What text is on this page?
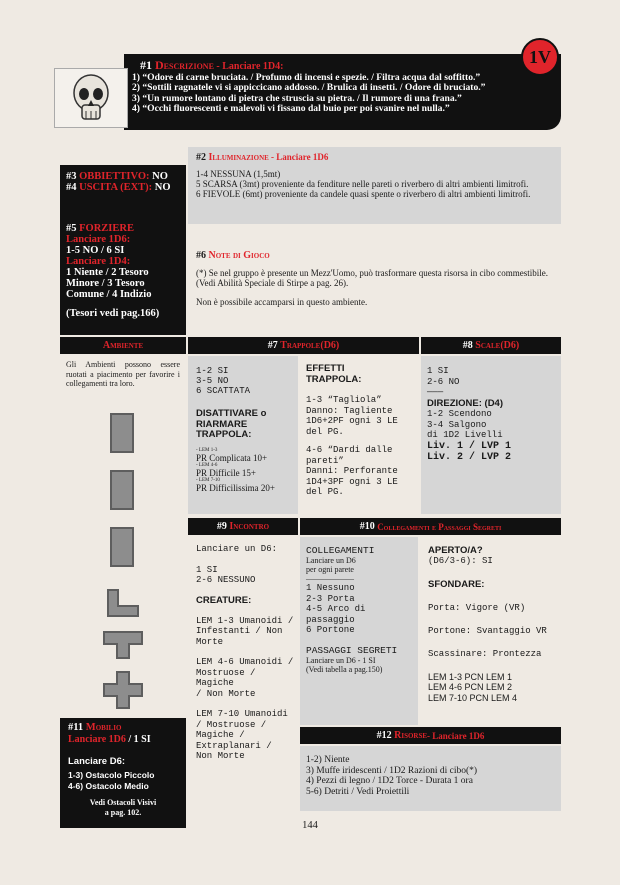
#1 Descrizione - Lanciare 1D4:
1) “Odore di carne bruciata. / Profumo di incensi e spezie. / Filtra acqua dal soffitto.”
2) “Sottili ragnatele vi si appiccicano addosso. / Brulica di insetti. / Odore di bruciato.”
3) “Un rumore lontano di pietra che struscia su pietra. / Il rumore di una frana.”
4) “Occhi fluorescenti e malevoli vi fissano dal buio per poi svanire nel nulla.”
1V
#3 OBBIETTIVO: NO
#4 USCITA (EXT): NO
#5 FORZIERE
Lanciare 1D6:
1-5 NO / 6 SI
Lanciare 1D4:
1 Niente / 2 Tesoro
Minore / 3 Tesoro
Comune / 4 Indizio
(Tesori vedi pag.166)
#2 Illuminazione - Lanciare 1D6
1-4 NESSUNA (1,5mt)
5 SCARSA (3mt) proveniente da fenditure nelle pareti o riverbero di altri ambienti limitrofi.
6 FIEVOLE (6mt) proveniente da candele quasi spente o riverbero di altri ambienti limitrofi.
#6 Note di Gioco
(*) Se nel gruppo è presente un Mezz'Uomo, può trasformare questa risorsa in cibo commestibile. (Vedi Abilità Speciale di Stirpe a pag. 26).
Non è possibile accamparsi in questo ambiente.
Ambiente	#7
Trappole (D6)	#8
Scale (D6)
Gli Ambienti possono essere ruotati a piacimento per favorire i collegamenti tra loro.
1-2 SI
3-5 NO
6 SCATTATA
DISATTIVARE o
RIARMARE
TRAPPOLA:
- LEM 1-3
PR Complicata 10+
- LEM 4-6
PR Difficile 15+
- LEM 7-10
PR Difficilissima 20+
EFFETTI
TRAPPOLA:
1-3 “Tagliola”
Danno: Tagliente
1D6+2PF ogni 3 LE
del PG.
4-6 “Dardi dalle
pareti”
Danni: Perforante
1D4+3PF ogni 3 LE
del PG.
1 SI
2-6 NO
———
DIREZIONE: (D4)
1-2 Scendono
3-4 Salgono
di 1D2 Livelli
Liv. 1 / LVP 1
Liv. 2 / LVP 2
#9
Incontro	#10
Collegamenti e Passaggi Segreti
Lanciare un D6:
1 SI
2-6 NESSUNO
CREATURE:
LEM 1-3 Umanoidi /
Infestanti / Non
Morte
LEM 4-6 Umanoidi /
Mostruose / Magiche
/ Non Morte
LEM 7-10 Umanoidi
/ Mostruose /
Magiche /
Extraplanari /
Non Morte
COLLEGAMENTI
Lanciare un D6
per ogni parete
——————
1 Nessuno
2-3 Porta
4-5 Arco di passaggio
6 Portone
PASSAGGI SEGRETI
Lanciare un D6 - 1 SI
(Vedi tabella a pag.150)
APERTO/A?
(D6/3-6): SI
SFONDARE:
Porta: Vigore (VR)
Portone: Svantaggio VR
Scassinare: Prontezza
LEM 1-3 PCN LEM 1
LEM 4-6 PCN LEM 2
LEM 7-10 PCN LEM 4
#11 Mobilio
Lanciare 1D6 / 1 SI
Lanciare D6:
1-3) Ostacolo Piccolo
4-6) Ostacolo Medio
Vedi Ostacoli Visivi
a pag. 102.
#12
Risorse - Lanciare 1D6
1-2) Niente
3) Muffe iridescenti / 1D2 Razioni di cibo(*)
4) Pezzi di legno / 1D2 Torce - Durata 1 ora
5-6) Detriti / Vedi Proiettili
144
